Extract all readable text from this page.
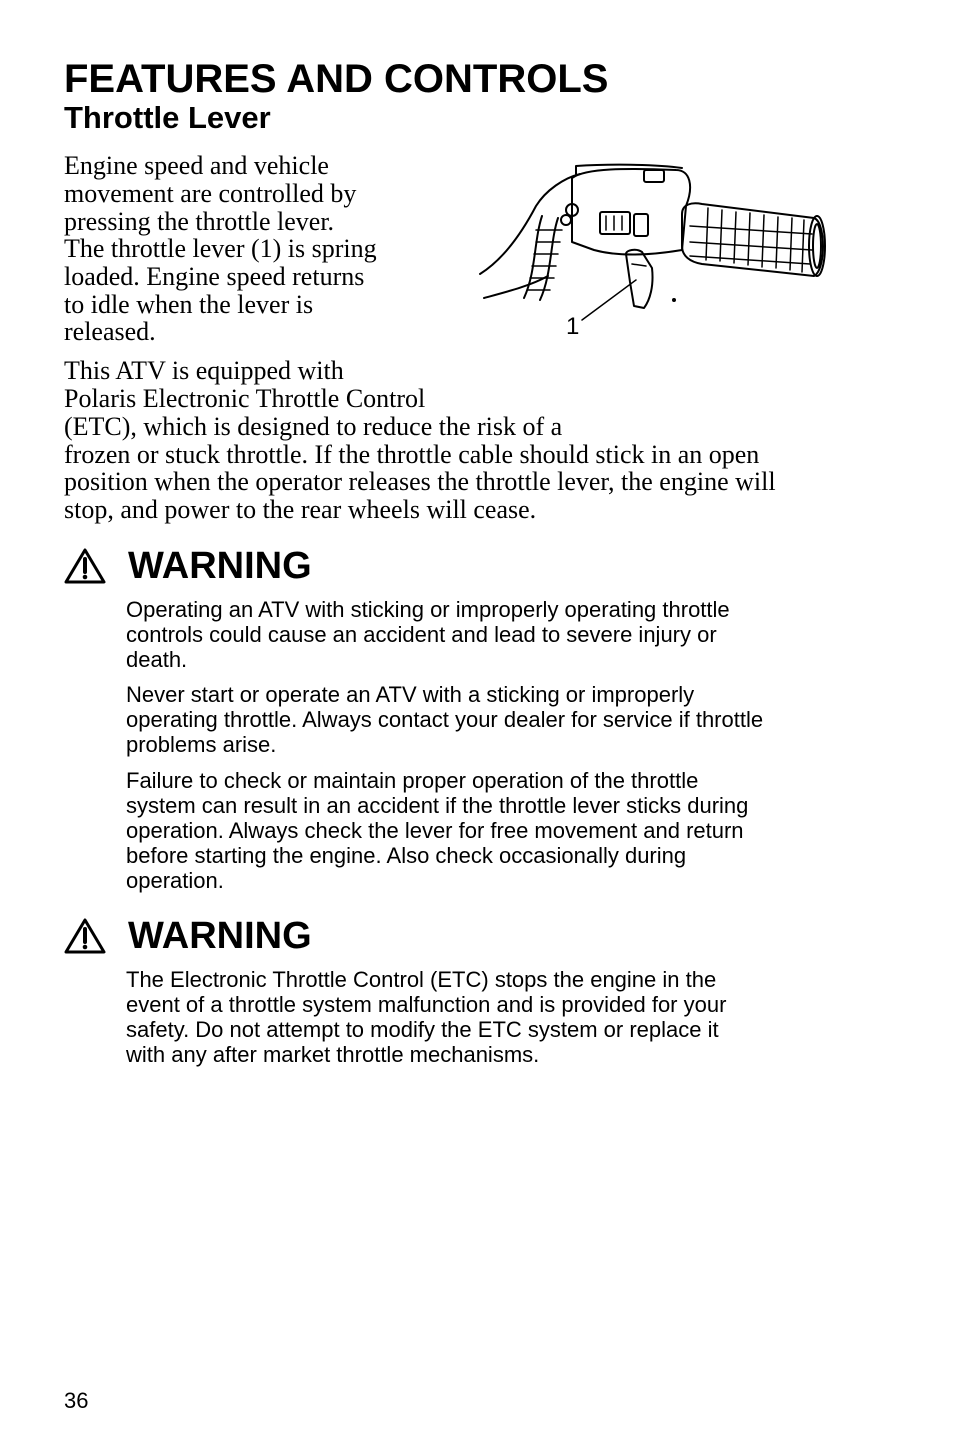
FEATURES AND CONTROLS
Throttle Lever

Engine speed and vehicle

movement are controlled by

pressing the throttle lever.

The throttle lever (1) is spring

loaded. Engine speed returns

to idle when the lever is

released.	1

This ATV is equipped with

Polaris Electronic Throttle Control

(ETC), which is designed to reduce the risk of a

frozen or stuck throttle. If the throttle cable should stick in an open

position when the operator releases the throttle lever, the engine will

stop, and power to the rear wheels will cease.

WARNING

Operating an ATV with sticking or improperly operating throttle

controls could cause an accident and lead to severe injury or

death.

Never start or operate an ATV with a sticking or improperly

operating throttle. Always contact your dealer for service if throttle

problems arise.

Failure to check or maintain proper operation of the throttle

system can result in an accident if the throttle lever sticks during

operation. Always check the lever for free movement and return

before starting the engine. Also check occasionally during

operation.

WARNING

The Electronic Throttle Control (ETC) stops the engine in the

event of a throttle system malfunction and is provided for your

safety. Do not attempt to modify the ETC system or replace it

with any after market throttle mechanisms.

36
